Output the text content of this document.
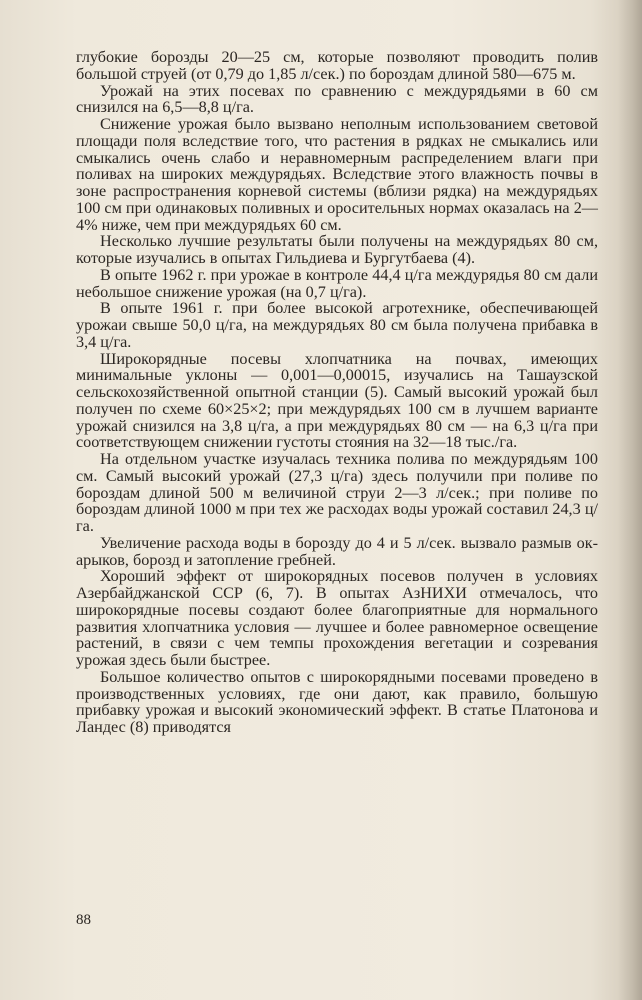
глубокие борозды 20—25 см, которые позволяют проводить полив большой струей (от 0,79 до 1,85 л/сек.) по бороздам длиной 580—675 м.

Урожай на этих посевах по сравнению с междурядьями в 60 см снизился на 6,5—8,8 ц/га.

Снижение урожая было вызвано неполным использованием световой площади поля вследствие того, что растения в рядках не смыкались или смыкались очень слабо и неравномерным распределением влаги при поливах на широких междурядьях. Вследствие этого влажность почвы в зоне распространения корневой системы (вблизи рядка) на междурядьях 100 см при одинаковых поливных и оросительных нормах оказалась на 2—4% ниже, чем при междурядьях 60 см.

Несколько лучшие результаты были получены на междурядьях 80 см, которые изучались в опытах Гильдиева и Бургутбаева (4).

В опыте 1962 г. при урожае в контроле 44,4 ц/га междурядья 80 см дали небольшое снижение урожая (на 0,7 ц/га).

В опыте 1961 г. при более высокой агротехнике, обеспечивающей урожаи свыше 50,0 ц/га, на междурядьях 80 см была получена прибавка в 3,4 ц/га.

Широкорядные посевы хлопчатника на почвах, имеющих минимальные уклоны — 0,001—0,00015, изучались на Ташаузской сельскохозяйственной опытной станции (5). Самый высокий урожай был получен по схеме 60×25×2; при междурядьях 100 см в лучшем варианте урожай снизился на 3,8 ц/га, а при междурядьях 80 см — на 6,3 ц/га при соответствующем снижении густоты стояния на 32—18 тыс./га.

На отдельном участке изучалась техника полива по междурядьям 100 см. Самый высокий урожай (27,3 ц/га) здесь получили при поливе по бороздам длиной 500 м величиной струи 2—3 л/сек.; при поливе по бороздам длиной 1000 м при тех же расходах воды урожай составил 24,3 ц/га.

Увеличение расхода воды в борозду до 4 и 5 л/сек. вызвало размыв ок-арыков, борозд и затопление гребней.

Хороший эффект от широкорядных посевов получен в условиях Азербайджанской ССР (6, 7). В опытах АзНИХИ отмечалось, что широкорядные посевы создают более благоприятные для нормального развития хлопчатника условия — лучшее и более равномерное освещение растений, в связи с чем темпы прохождения вегетации и созревания урожая здесь были быстрее.

Большое количество опытов с широкорядными посевами проведено в производственных условиях, где они дают, как правило, большую прибавку урожая и высокий экономический эффект. В статье Платонова и Ландес (8) приводятся

88
